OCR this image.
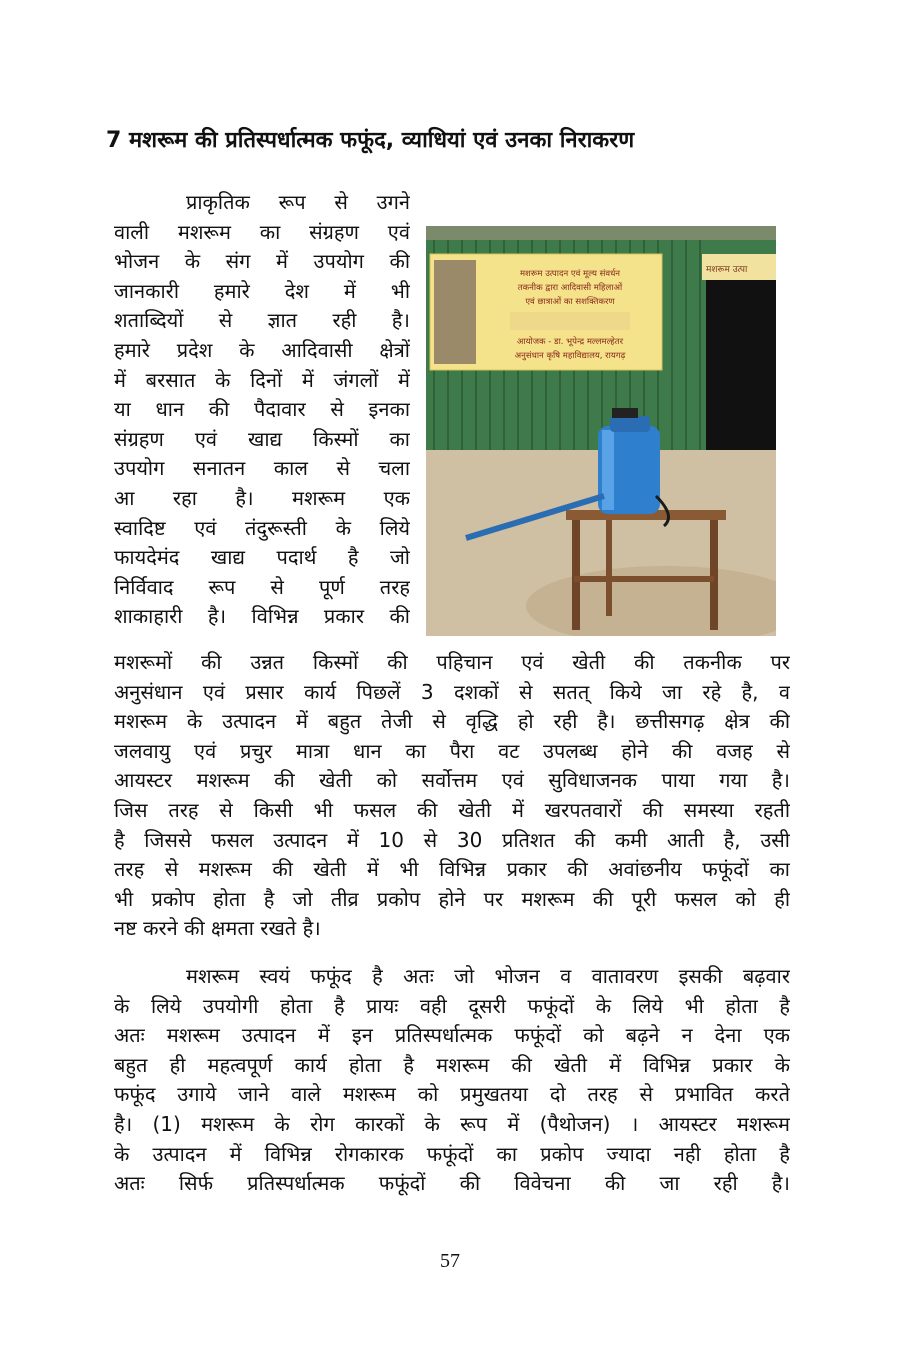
7 मशरूम की प्रतिस्पर्धात्मक फफूंद, व्याधियां एवं उनका निराकरण
प्राकृतिक रूप से उगने
वाली मशरूम का संग्रहण एवं
भोजन के संग में उपयोग की
जानकारी हमारे देश में भी
शताब्दियों से ज्ञात रही है।
हमारे प्रदेश के आदिवासी क्षेत्रों
में बरसात के दिनों में जंगलों में
या धान की पैदावार से इनका
संग्रहण एवं खाद्य किस्मों का
उपयोग सनातन काल से चला
आ रहा है। मशरूम एक
स्वादिष्ट एवं तंदुरूस्ती के लिये
फायदेमंद खाद्य पदार्थ है जो
निर्विवाद रूप से पूर्ण तरह
शाकाहारी है। विभिन्न प्रकार की
मशरूम उत्पा
मशरूम उत्पादन एवं मूल्य संवर्धन
तकनीक द्वारा आदिवासी महिलाओं
एवं छात्राओं का सशक्तिकरण
आयोजक - डा. भूपेन्द्र मल्लमल्हेतर
अनुसंधान कृषि महाविद्यालय, रायगढ़
मशरूमों की उन्नत किस्मों की पहिचान एवं खेती की तकनीक पर
अनुसंधान एवं प्रसार कार्य पिछलें 3 दशकों से सतत् किये जा रहे है, व
मशरूम के उत्पादन में बहुत तेजी से वृद्धि हो रही है। छत्तीसगढ़ क्षेत्र की
जलवायु एवं प्रचुर मात्रा धान का पैरा वट उपलब्ध होने की वजह से
आयस्टर मशरूम की खेती को सर्वोत्तम एवं सुविधाजनक पाया गया है।
जिस तरह से किसी भी फसल की खेती में खरपतवारों की समस्या रहती
है जिससे फसल उत्पादन में 10 से 30 प्रतिशत की कमी आती है, उसी
तरह से मशरूम की खेती में भी विभिन्न प्रकार की अवांछनीय फफूंदों का
भी प्रकोप होता है जो तीव्र प्रकोप होने पर मशरूम की पूरी फसल को ही
नष्ट करने की क्षमता रखते है।
मशरूम स्वयं फफूंद है अतः जो भोजन व वातावरण इसकी बढ़वार
के लिये उपयोगी होता है प्रायः वही दूसरी फफूंदों के लिये भी होता है
अतः मशरूम उत्पादन में इन प्रतिस्पर्धात्मक फफूंदों को बढ़ने न देना एक
बहुत ही महत्वपूर्ण कार्य होता है मशरूम की खेती में विभिन्न प्रकार के
फफूंद उगाये जाने वाले मशरूम को प्रमुखतया दो तरह से प्रभावित करते
है। (1) मशरूम के रोग कारकों के रूप में (पैथोजन) । आयस्टर मशरूम
के उत्पादन में विभिन्न रोगकारक फफूंदों का प्रकोप ज्यादा नही होता है
अतः सिर्फ प्रतिस्पर्धात्मक फफूंदों की विवेचना की जा रही है।
57
